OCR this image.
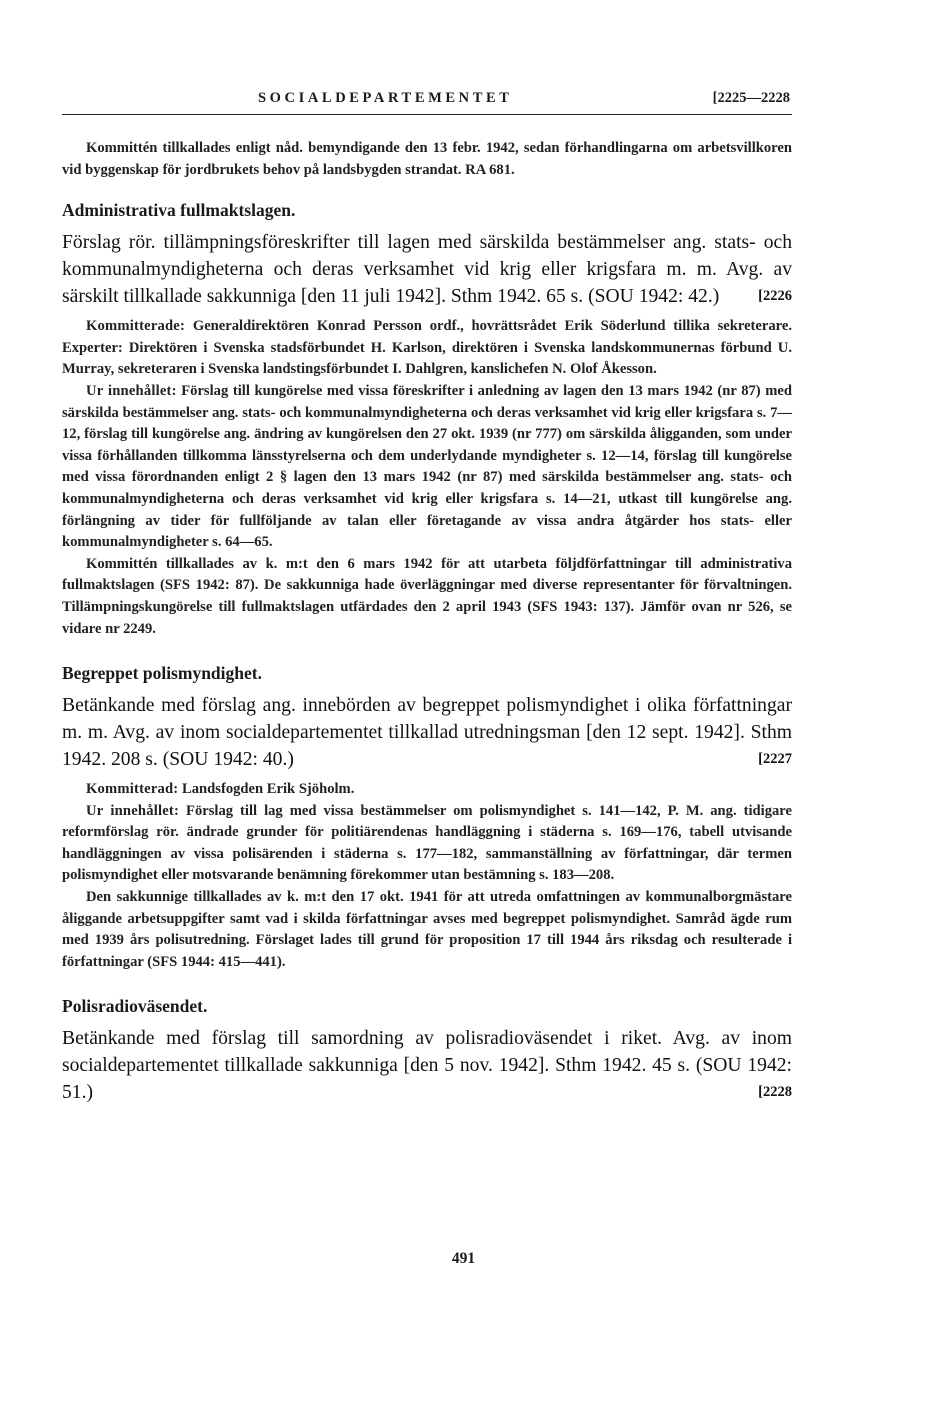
SOCIALDEPARTEMENTET	[2225—2228

Kommittén tillkallades enligt nåd. bemyndigande den 13 febr. 1942, sedan förhandlingarna om arbetsvillkoren vid byggenskap för jordbrukets behov på landsbygden strandat. RA 681.

Administrativa fullmaktslagen.

Förslag rör. tillämpningsföreskrifter till lagen med särskilda bestämmelser ang. stats- och kommunalmyndigheterna och deras verksamhet vid krig eller krigsfara m. m. Avg. av särskilt tillkallade sakkunniga [den 11 juli 1942]. Sthm 1942. 65 s. (SOU 1942: 42.)	[2226

Kommitterade: Generaldirektören Konrad Persson ordf., hovrättsrådet Erik Söderlund tillika sekreterare. Experter: Direktören i Svenska stadsförbundet H. Karlson, direktören i Svenska landskommunernas förbund U. Murray, sekreteraren i Svenska landstingsförbundet I. Dahlgren, kanslichefen N. Olof Åkesson.

Ur innehållet: Förslag till kungörelse med vissa föreskrifter i anledning av lagen den 13 mars 1942 (nr 87) med särskilda bestämmelser ang. stats- och kommunalmyndigheterna och deras verksamhet vid krig eller krigsfara s. 7—12, förslag till kungörelse ang. ändring av kungörelsen den 27 okt. 1939 (nr 777) om särskilda åligganden, som under vissa förhållanden tillkomma länsstyrelserna och dem underlydande myndigheter s. 12—14, förslag till kungörelse med vissa förordnanden enligt 2 § lagen den 13 mars 1942 (nr 87) med särskilda bestämmelser ang. stats- och kommunalmyndigheterna och deras verksamhet vid krig eller krigsfara s. 14—21, utkast till kungörelse ang. förlängning av tider för fullföljande av talan eller företagande av vissa andra åtgärder hos stats- eller kommunalmyndigheter s. 64—65.

Kommittén tillkallades av k. m:t den 6 mars 1942 för att utarbeta följdförfattningar till administrativa fullmaktslagen (SFS 1942: 87). De sakkunniga hade överläggningar med diverse representanter för förvaltningen. Tillämpningskungörelse till fullmaktslagen utfärdades den 2 april 1943 (SFS 1943: 137). Jämför ovan nr 526, se vidare nr 2249.

Begreppet polismyndighet.

Betänkande med förslag ang. innebörden av begreppet polismyndighet i olika författningar m. m. Avg. av inom socialdepartementet tillkallad utredningsman [den 12 sept. 1942]. Sthm 1942. 208 s. (SOU 1942: 40.)	[2227

Kommitterad: Landsfogden Erik Sjöholm.

Ur innehållet: Förslag till lag med vissa bestämmelser om polismyndighet s. 141—142, P. M. ang. tidigare reformförslag rör. ändrade grunder för politiärendenas handläggning i städerna s. 169—176, tabell utvisande handläggningen av vissa polisärenden i städerna s. 177—182, sammanställning av författningar, där termen polismyndighet eller motsvarande benämning förekommer utan bestämning s. 183—208.

Den sakkunnige tillkallades av k. m:t den 17 okt. 1941 för att utreda omfattningen av kommunalborgmästare åliggande arbetsuppgifter samt vad i skilda författningar avses med begreppet polismyndighet. Samråd ägde rum med 1939 års polisutredning. Förslaget lades till grund för proposition 17 till 1944 års riksdag och resulterade i författningar (SFS 1944: 415—441).

Polisradioväsendet.

Betänkande med förslag till samordning av polisradioväsendet i riket. Avg. av inom socialdepartementet tillkallade sakkunniga [den 5 nov. 1942]. Sthm 1942. 45 s. (SOU 1942: 51.)	[2228

491
